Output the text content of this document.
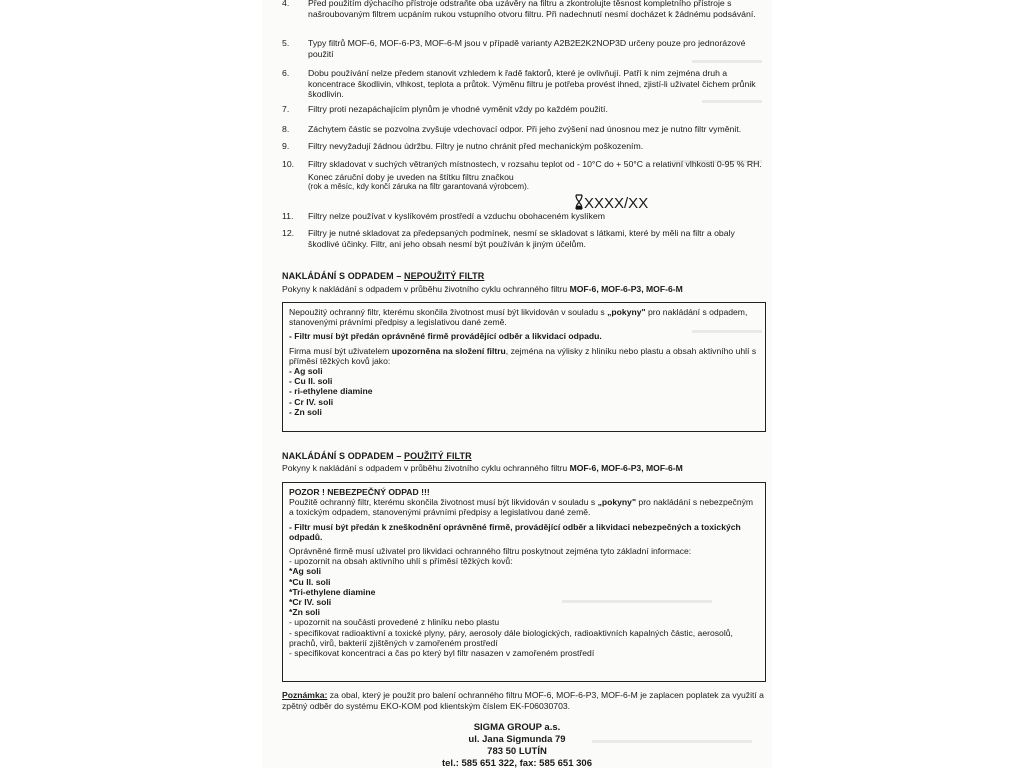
4.	Před použitím dýchacího přístroje odstraňte oba uzávěry na filtru a zkontrolujte těsnost kompletního přístroje s našroubovaným filtrem ucpáním rukou vstupního otvoru filtru. Při nadechnutí nesmí docházet k žádnému podsávání.
5.	Typy filtrů MOF-6, MOF-6-P3, MOF-6-M jsou v případě varianty A2B2E2K2NOP3D určeny pouze pro jednorázové použití
6.	Dobu používání nelze předem stanovit vzhledem k řadě faktorů, které je ovlivňují. Patří k nim zejména druh a koncentrace škodlivin, vlhkost, teplota a průtok. Výměnu filtru je potřeba provést ihned, zjistí-li uživatel čichem průnik škodlivin.
7.	Filtry proti nezapáchajícím plynům je vhodné vyměnit vždy po každém použití.
8.	Záchytem částic se pozvolna zvyšuje vdechovací odpor. Při jeho zvýšení nad únosnou mez je nutno filtr vyměnit.
9.	Filtry nevyžadují žádnou údržbu. Filtry je nutno chránit před mechanickým poškozením.
10.	Filtry skladovat v suchých větraných místnostech, v rozsahu teplot od - 10°C do + 50°C a relativní vlhkosti 0-95 % RH.
Konec záruční doby je uveden na štítku filtru značkou
(rok a měsíc, kdy končí záruka na filtr garantovaná výrobcem).
XXXX/XX
11.	Filtry nelze používat v kyslíkovém prostředí a vzduchu obohaceném kyslíkem
12.	Filtry je nutné skladovat za předepsaných podmínek, nesmí se skladovat s látkami, které by měli na filtr a obaly škodlivé účinky. Filtr, ani jeho obsah nesmí být používán k jiným účelům.
NAKLÁDÁNÍ S ODPADEM – NEPOUŽITÝ FILTR
Pokyny k nakládání s odpadem v průběhu životního cyklu ochranného filtru MOF-6, MOF-6-P3, MOF-6-M

Nepoužitý ochranný filtr, kterému skončila životnost musí být likvidován v souladu s „pokyny" pro nakládání s odpadem, stanovenými právními předpisy a legislativou dané země.

- Filtr musí být předán oprávněné firmě provádějící odběr a likvidaci odpadu.

Firma musí být uživatelem upozorněna na složení filtru, zejména na výlisky z hliníku nebo plastu a obsah aktivního uhlí s příměsí těžkých kovů jako:

- Ag soli
- Cu II. soli
- ri-ethylene diamine
- Cr IV. soli
- Zn soli
NAKLÁDÁNÍ S ODPADEM – POUŽITÝ FILTR
Pokyny k nakládání s odpadem v průběhu životního cyklu ochranného filtru MOF-6, MOF-6-P3, MOF-6-M

POZOR ! NEBEZPEČNÝ ODPAD !!!

Použitě ochranný filtr, kterému skončila životnost musí být likvidován v souladu s „pokyny" pro nakládání s nebezpečným a toxickým odpadem, stanovenými právními předpisy a legislativou dané země.

- Filtr musí být předán k zneškodnění oprávněné firmě, provádějící odběr a likvidaci nebezpečných a toxických odpadů.

Oprávněné firmě musí uživatel pro likvidaci ochranného filtru poskytnout zejména tyto základní informace:

- upozornit na obsah aktivního uhlí s příměsí těžkých kovů:

*Ag soli
*Cu II. soli
*Tri-ethylene diamine
*Cr IV. soli
*Zn soli
- upozornit na součásti provedené z hliníku nebo plastu
- specifikovat radioaktivní a toxické plyny, páry, aerosoly dále biologických, radioaktivních kapalných částic, aerosolů, prachů, virů, bakterií zjištěných v zamořeném prostředí
- specifikovat koncentraci a čas po který byl filtr nasazen v zamořeném prostředí
Poznámka: za obal, který je použit pro balení ochranného filtru MOF-6, MOF-6-P3, MOF-6-M je zaplacen poplatek za využití a zpětný odběr do systému EKO-KOM pod klientským číslem EK-F06030703.
SIGMA GROUP a.s.
ul. Jana Sigmunda 79
783 50 LUTÍN
tel.: 585 651 322, fax: 585 651 306
